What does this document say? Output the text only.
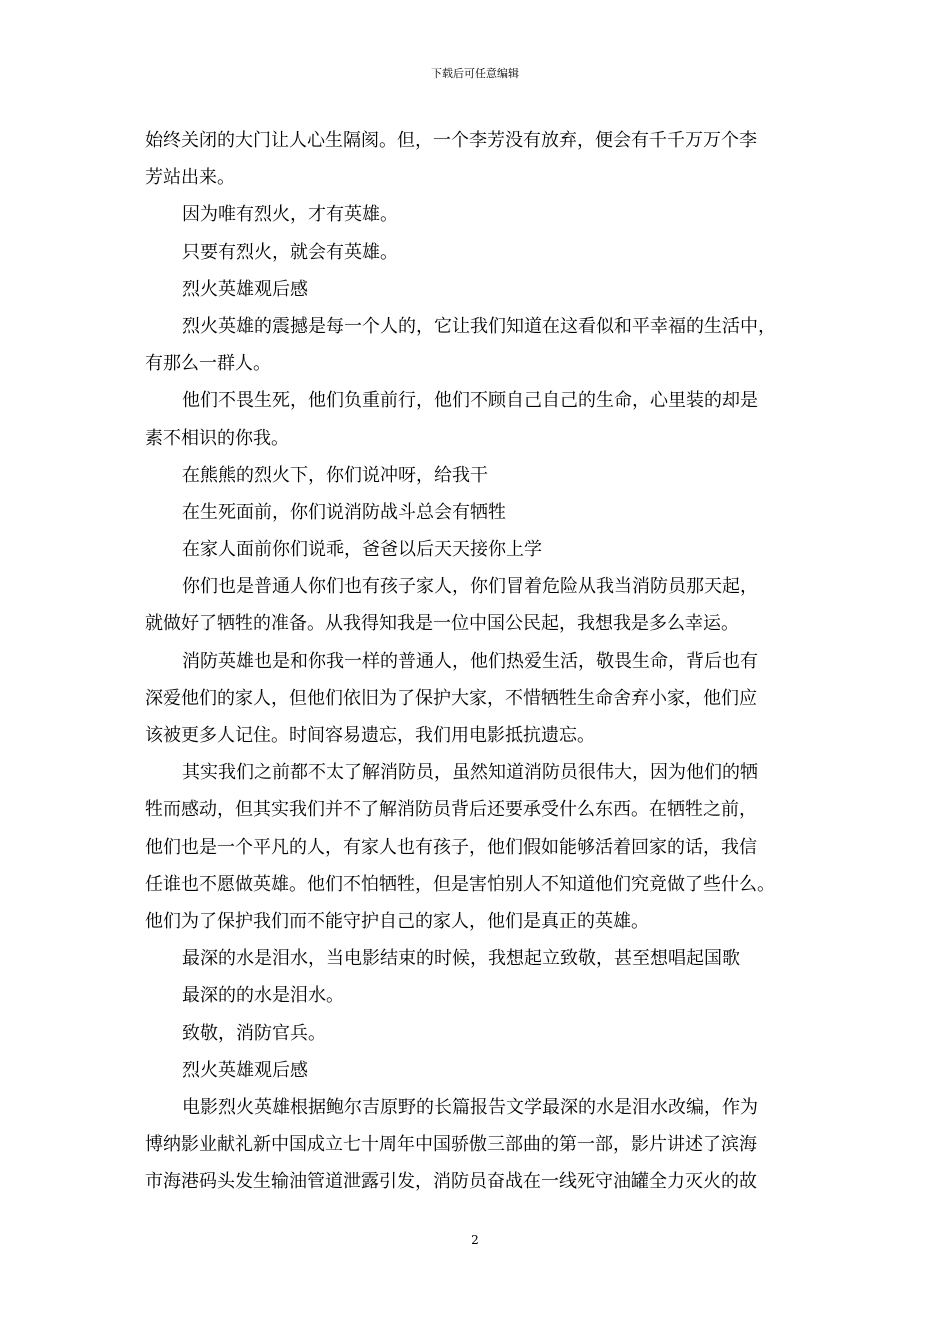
下载后可任意编辑
始终关闭的大门让人心生隔阂。但，一个李芳没有放弃，便会有千千万万个李
芳站出来。
因为唯有烈火，才有英雄。
只要有烈火，就会有英雄。
烈火英雄观后感
烈火英雄的震撼是每一个人的，它让我们知道在这看似和平幸福的生活中，
有那么一群人。
他们不畏生死，他们负重前行，他们不顾自己自己的生命，心里装的却是
素不相识的你我。
在熊熊的烈火下，你们说冲呀，给我干
在生死面前，你们说消防战斗总会有牺牲
在家人面前你们说乖，爸爸以后天天接你上学
你们也是普通人你们也有孩子家人，你们冒着危险从我当消防员那天起，
就做好了牺牲的准备。从我得知我是一位中国公民起，我想我是多么幸运。
消防英雄也是和你我一样的普通人，他们热爱生活，敬畏生命，背后也有
深爱他们的家人，但他们依旧为了保护大家，不惜牺牲生命舍弃小家，他们应
该被更多人记住。时间容易遗忘，我们用电影抵抗遗忘。
其实我们之前都不太了解消防员，虽然知道消防员很伟大，因为他们的牺
牲而感动，但其实我们并不了解消防员背后还要承受什么东西。在牺牲之前，
他们也是一个平凡的人，有家人也有孩子，他们假如能够活着回家的话，我信
任谁也不愿做英雄。他们不怕牺牲，但是害怕别人不知道他们究竟做了些什么。
他们为了保护我们而不能守护自己的家人，他们是真正的英雄。
最深的水是泪水，当电影结束的时候，我想起立致敬，甚至想唱起国歌
最深的的水是泪水。
致敬，消防官兵。
烈火英雄观后感
电影烈火英雄根据鲍尔吉原野的长篇报告文学最深的水是泪水改编，作为
博纳影业献礼新中国成立七十周年中国骄傲三部曲的第一部，影片讲述了滨海
市海港码头发生输油管道泄露引发，消防员奋战在一线死守油罐全力灭火的故
2
